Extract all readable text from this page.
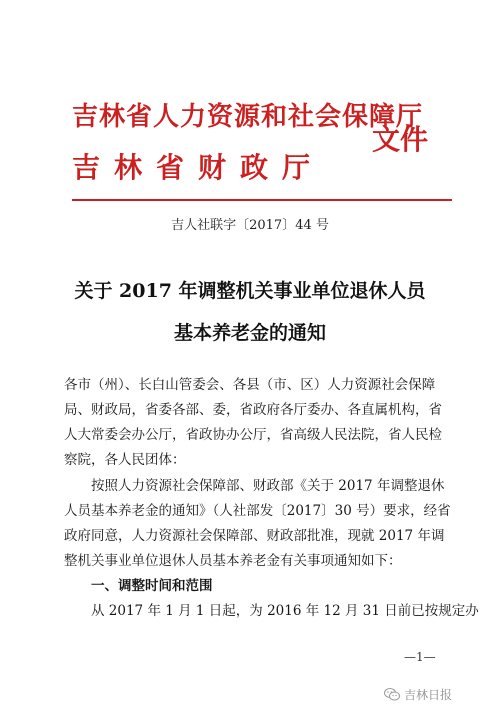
吉林省人力资源和社会保障厅
吉林省财政厅
文件
吉人社联字〔2017〕44 号
关于 2017 年调整机关事业单位退休人员
基本养老金的通知
各市（州）、长白山管委会、各县（市、区）人力资源社会保障
局、财政局，省委各部、委，省政府各厅委办、各直属机构，省
人大常委会办公厅，省政协办公厅，省高级人民法院，省人民检
察院，各人民团体：
　　按照人力资源社会保障部、财政部《关于 2017 年调整退休
人员基本养老金的通知》（人社部发〔2017〕30 号）要求，经省
政府同意，人力资源社会保障部、财政部批准，现就 2017 年调
整机关事业单位退休人员基本养老金有关事项通知如下：
　　一、调整时间和范围
　　从 2017 年 1 月 1 日起，为 2016 年 12 月 31 日前已按规定办
—1—
吉林日报
